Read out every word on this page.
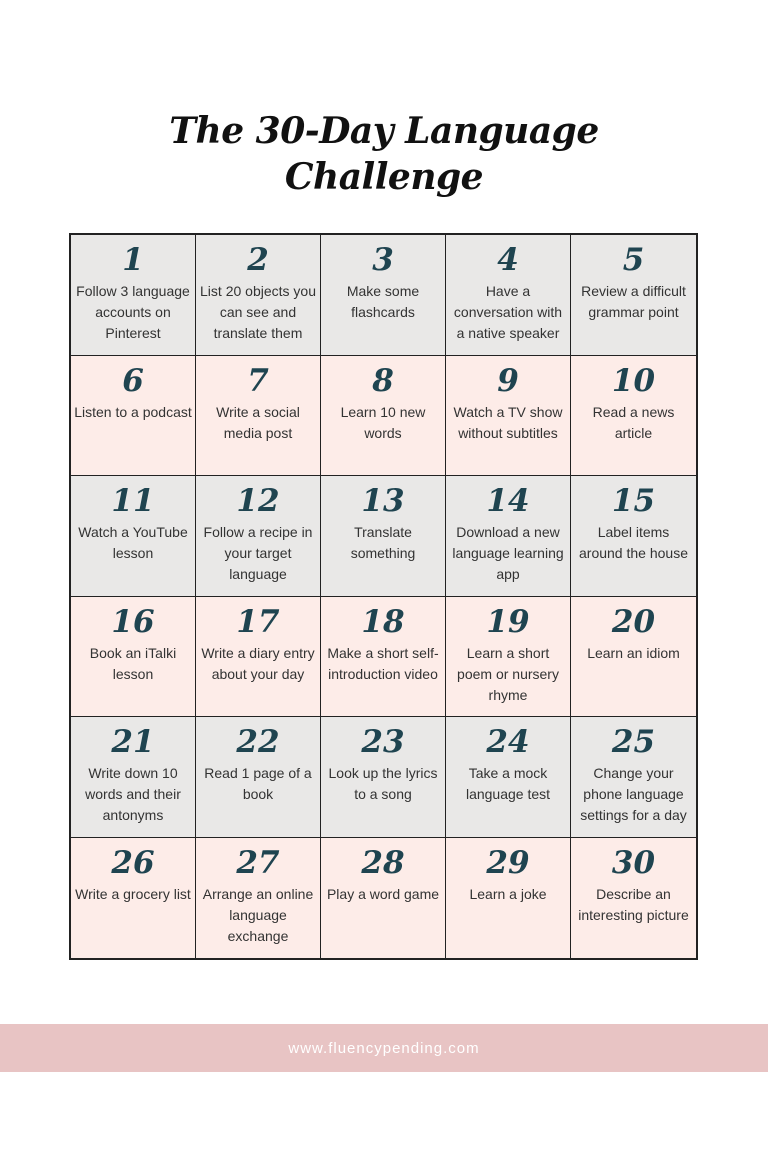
The 30-Day Language
Challenge
1
Follow 3 language accounts on Pinterest
2
List 20 objects you can see and translate them
3
Make some flashcards
4
Have a conversation with a native speaker
5
Review a difficult grammar point
6
Listen to a podcast
7
Write a social media post
8
Learn 10 new words
9
Watch a TV show without subtitles
10
Read a news article
11
Watch a YouTube lesson
12
Follow a recipe in your target language
13
Translate something
14
Download a new language learning app
15
Label items around the house
16
Book an iTalki lesson
17
Write a diary entry about your day
18
Make a short self-introduction video
19
Learn a short poem or nursery rhyme
20
Learn an idiom
21
Write down 10 words and their antonyms
22
Read 1 page of a book
23
Look up the lyrics to a song
24
Take a mock language test
25
Change your phone language settings for a day
26
Write a grocery list
27
Arrange an online language exchange
28
Play a word game
29
Learn a joke
30
Describe an interesting picture
www.fluencypending.com
